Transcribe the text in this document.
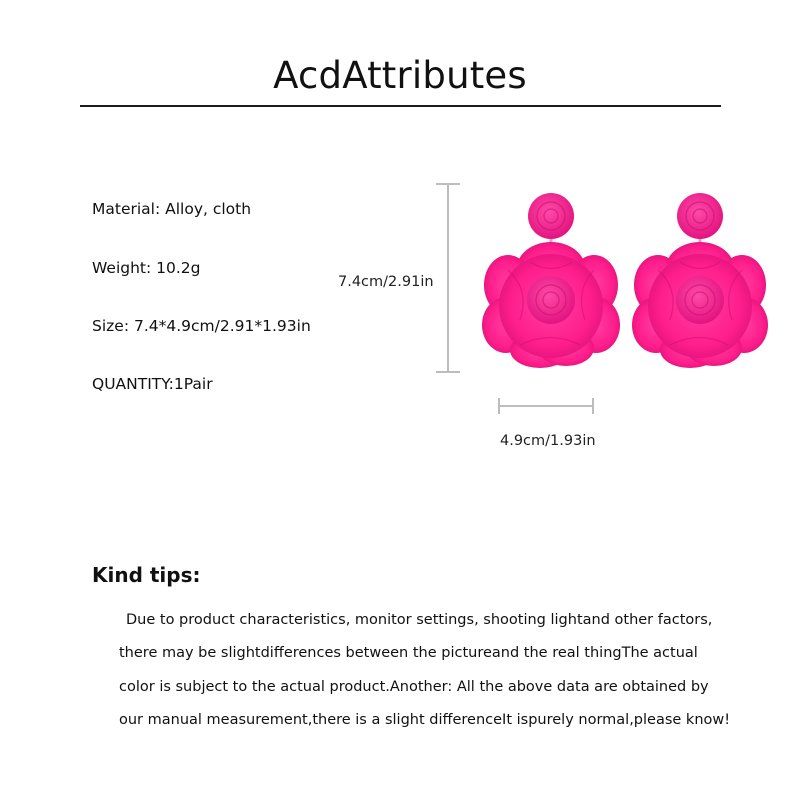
AcdAttributes
Material: Alloy, cloth
Weight: 10.2g
Size: 7.4*4.9cm/2.91*1.93in
QUANTITY:1Pair
7.4cm/2.91in
4.9cm/1.93in
Kind tips:
Due to product characteristics, monitor settings, shooting lightand other factors,
there may be slightdifferences between the pictureand the real thingThe actual
color is subject to the actual product.Another: All the above data are obtained by
our manual measurement,there is a slight differenceIt ispurely normal,please know!
